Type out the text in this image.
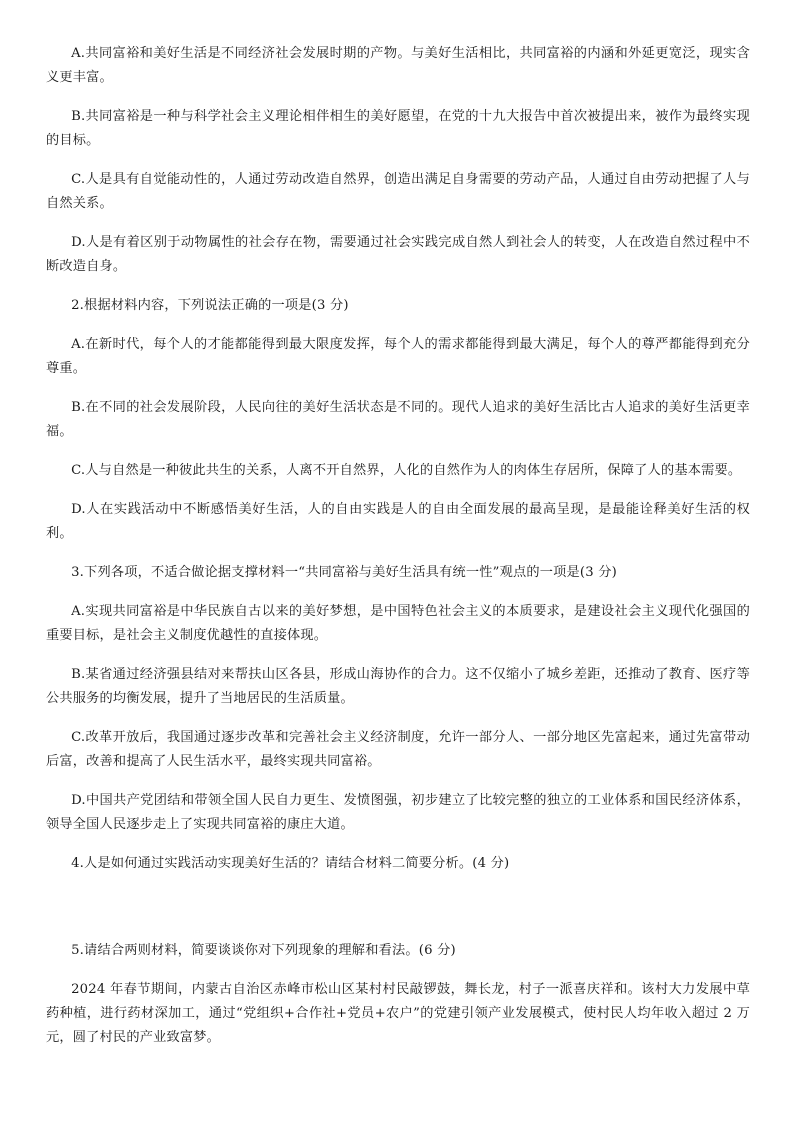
A.共同富裕和美好生活是不同经济社会发展时期的产物。与美好生活相比，共同富裕的内涵和外延更宽泛，现实含义更丰富。

B.共同富裕是一种与科学社会主义理论相伴相生的美好愿望，在党的十九大报告中首次被提出来，被作为最终实现的目标。

C.人是具有自觉能动性的，人通过劳动改造自然界，创造出满足自身需要的劳动产品，人通过自由劳动把握了人与自然关系。

D.人是有着区别于动物属性的社会存在物，需要通过社会实践完成自然人到社会人的转变，人在改造自然过程中不断改造自身。

2.根据材料内容，下列说法正确的一项是(3 分)

A.在新时代，每个人的才能都能得到最大限度发挥，每个人的需求都能得到最大满足，每个人的尊严都能得到充分尊重。

B.在不同的社会发展阶段，人民向往的美好生活状态是不同的。现代人追求的美好生活比古人追求的美好生活更幸福。

C.人与自然是一种彼此共生的关系，人离不开自然界，人化的自然作为人的肉体生存居所，保障了人的基本需要。

D.人在实践活动中不断感悟美好生活，人的自由实践是人的自由全面发展的最高呈现，是最能诠释美好生活的权利。

3.下列各项，不适合做论据支撑材料一“共同富裕与美好生活具有统一性”观点的一项是(3 分)

A.实现共同富裕是中华民族自古以来的美好梦想，是中国特色社会主义的本质要求，是建设社会主义现代化强国的重要目标，是社会主义制度优越性的直接体现。

B.某省通过经济强县结对来帮扶山区各县，形成山海协作的合力。这不仅缩小了城乡差距，还推动了教育、医疗等公共服务的均衡发展，提升了当地居民的生活质量。

C.改革开放后，我国通过逐步改革和完善社会主义经济制度，允许一部分人、一部分地区先富起来，通过先富带动后富，改善和提高了人民生活水平，最终实现共同富裕。

D.中国共产党团结和带领全国人民自力更生、发愤图强，初步建立了比较完整的独立的工业体系和国民经济体系，领导全国人民逐步走上了实现共同富裕的康庄大道。

4.人是如何通过实践活动实现美好生活的？请结合材料二简要分析。(4 分)

5.请结合两则材料，简要谈谈你对下列现象的理解和看法。(6 分)

2024 年春节期间，内蒙古自治区赤峰市松山区某村村民敲锣鼓，舞长龙，村子一派喜庆祥和。该村大力发展中草药种植，进行药材深加工，通过“党组织+合作社+党员+农户”的党建引领产业发展模式，使村民人均年收入超过 2 万元，圆了村民的产业致富梦。
